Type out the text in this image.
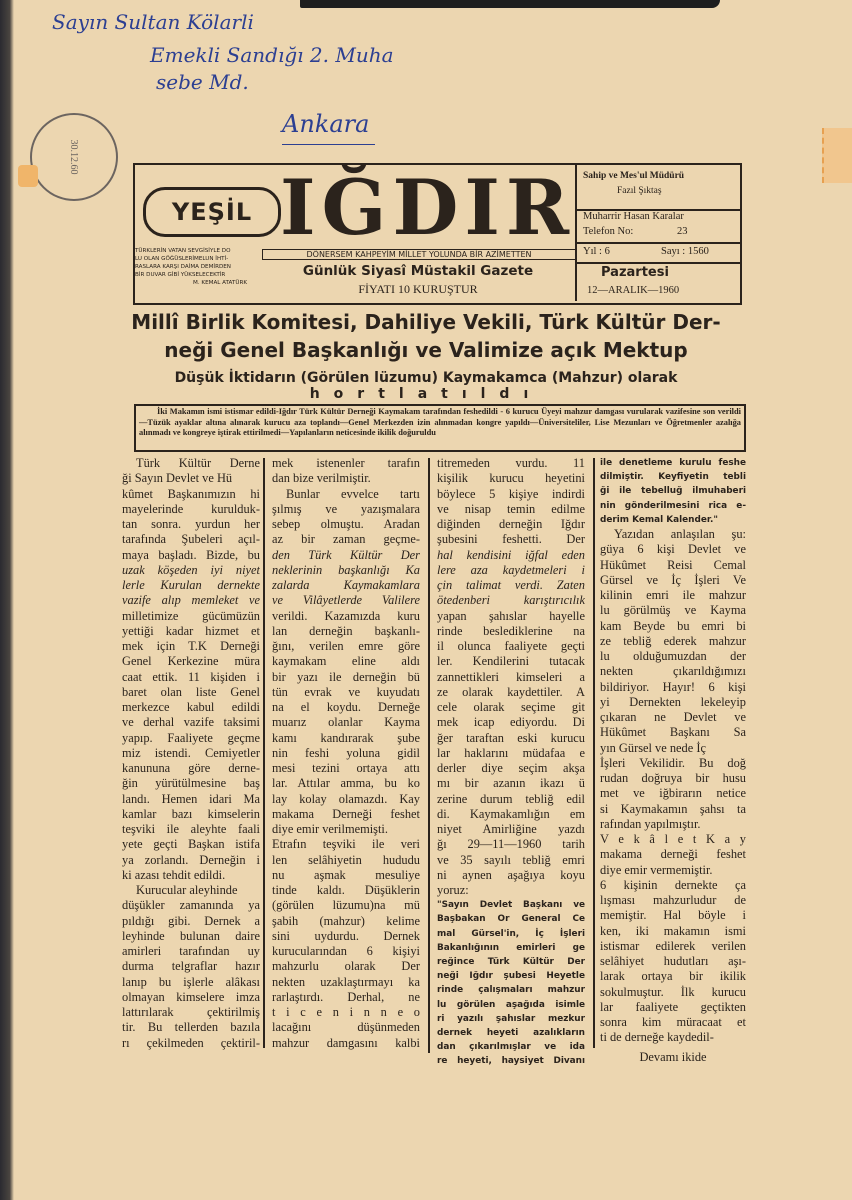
Sayın Sultan Kölarli
Emekli Sandığı 2. Muha
sebe Md.
Ankara
30.12.60
YEŞİL IĞDIR
TÜRKLERİN VATAN SEVGİSİYLE DO
LU OLAN GÖĞÜSLERİMELUN İHTİ-
RASLARA KARŞI DAİMA DEMİRDEN
BİR DUVAR GİBİ YÜKSELECEKTİR
M. KEMAL ATATÜRK
DÖNERSEM KAHPEYİM MİLLET YOLUNDA BİR AZİMETTEN
Günlük Siyasî Müstakil Gazete
FİYATI 10 KURUŞTUR
Sahip ve Mes'ul Müdürü
Fazıl Şıktaş
Muharrir Hasan Karalar
Telefon No:	23
Yıl : 6	Sayı : 1560
Pazartesi
12—ARALIK—1960
Millî Birlik Komitesi, Dahiliye Vekili, Türk Kültür Der-
neği Genel Başkanlığı ve Valimize açık Mektup
Düşük İktidarın (Görülen lüzumu) Kaymakamca (Mahzur) olarak
hortlatıldı
İki Makamın ismi istismar edildi-Iğdır Türk Kültür Derneği Kaymakam tarafından feshedildi - 6 kurucu Üyeyi mahzur damgası vurularak vazifesine son verildi —Tüzük ayaklar altına alınarak kurucu aza toplandı—Genel Merkezden izin alınmadan kongre yapıldı—Üniversiteliler, Lise Mezunları ve Öğretmenler azalığa alınmadı ve kongreye iştirak ettirilmedi—Yapılanların neticesinde ikilik doğuruldu
Türk Kültür Derne
ği Sayın Devlet ve Hü
kûmet Başkanımızın hi
mayelerinde kurulduk-
tan sonra. yurdun her
tarafında Şubeleri açıl-
maya başladı. Bizde, bu
uzak köşeden iyi niyet
lerle Kurulan dernekte
vazife alıp memleket ve
milletimize gücümüzün
yettiği kadar hizmet et
mek için T.K Derneği
Genel Kerkezine müra
caat ettik. 11 kişiden i
baret olan liste Genel
merkezce kabul edildi
ve derhal vazife taksimi
yapıp. Faaliyete geçme
miz istendi. Cemiyetler
kanununa göre derne-
ğin yürütülmesine baş
landı. Hemen idari Ma
kamlar bazı kimselerin
teşviki ile aleyhte faali
yete geçti Başkan istifa
ya zorlandı. Derneğin i
ki azası tehdit edildi.
Kurucular aleyhinde
düşükler zamanında ya
pıldığı gibi. Dernek a
leyhinde bulunan daire
amirleri tarafından uy
durma telgraflar hazır
lanıp bu işlerle alâkası
olmayan kimselere imza
lattırılarak çektirilmiş
tir. Bu tellerden bazıla
rı çekilmeden çektiril-
mek istenenler tarafın
dan bize verilmiştir.
Bunlar evvelce tartı
şılmış ve yazışmalara
sebep olmuştu. Aradan
az bir zaman geçme-
den Türk Kültür Der
neklerinin başkanlığı Ka
zalarda Kaymakamlara
ve Vilâyetlerde Valilere
verildi. Kazamızda kuru
lan derneğin başkanlı-
ğını, verilen emre göre
kaymakam eline aldı
bir yazı ile derneğin bü
tün evrak ve kuyudatı
na el koydu. Derneğe
muarız olanlar Kayma
kamı kandırarak şube
nin feshi yoluna gidil
mesi tezini ortaya attı
lar. Attılar amma, bu ko
lay kolay olamazdı. Kay
makama Derneği feshet
diye emir verilmemişti.
Etrafın teşviki ile veri
len selâhiyetin hududu
nu aşmak mesuliye
tinde kaldı. Düşüklerin
(görülen lüzumu)na mü
şabih (mahzur) kelime
sini uydurdu. Dernek
kurucularından 6 kişiyi
mahzurlu olarak Der
nekten uzaklaştırmayı ka
rarlaştırdı. Derhal, ne
t i c e n i n n e o
lacağını düşünmeden
mahzur damgasını kalbi
titremeden vurdu. 11
kişilik kurucu heyetini
böylece 5 kişiye indirdi
ve nisap temin edilme
diğinden derneğin Iğdır
şubesini feshetti. Der
hal kendisini iğfal eden
lere aza kaydetmeleri i
çin talimat verdi. Zaten
ötedenberi karıştırıcılık
yapan şahıslar hayelle
rinde beslediklerine na
il olunca faaliyete geçti
ler. Kendilerini tutacak
zannettikleri kimseleri a
ze olarak kaydettiler. A
cele olarak seçime git
mek icap ediyordu. Di
ğer taraftan eski kurucu
lar haklarını müdafaa e
derler diye seçim akşa
mı bir azanın ikazı ü
zerine durum tebliğ edil
di. Kaymakamlığın em
niyet Amirliğine yazdı
ğı 29—11—1960 tarih
ve 35 sayılı tebliğ emri
ni aynen aşağıya koyu
yoruz:
"Sayın Devlet Başkanı ve
Başbakan Or General Ce
mal Gürsel'in, İç İşleri
Bakanlığının emirleri ge
reğince Türk Kültür Der
neği Iğdır şubesi Heyetle
rinde çalışmaları mahzur
lu görülen aşağıda isimle
ri yazılı şahıslar mezkur
dernek heyeti azalıkların
dan çıkarılmışlar ve ida
re heyeti, haysiyet Divanı
ile denetleme kurulu feshe
dilmiştir. Keyfiyetin tebli
ği ile tebelluğ ilmuhaberi
nin gönderilmesini rica e-
derim Kemal Kalender."
Yazıdan anlaşılan şu:
güya 6 kişi Devlet ve
Hükûmet Reisi Cemal
Gürsel ve İç İşleri Ve
kilinin emri ile mahzur
lu görülmüş ve Kayma
kam Beyde bu emri bi
ze tebliğ ederek mahzur
lu olduğumuzdan der
nekten çıkarıldığımızı
bildiriyor. Hayır! 6 kişi
yi Dernekten lekeleyip
çıkaran ne Devlet ve
Hükûmet Başkanı Sa
yın Gürsel ve nede İç
İşleri Vekilidir. Bu doğ
rudan doğruya bir husu
met ve iğbirarın netice
si Kaymakamın şahsı ta
rafından yapılmıştır.
V e k â l e t K a y
makama derneği feshet
diye emir vermemiştir.
6 kişinin dernekte ça
lışması mahzurludur de
memiştir. Hal böyle i
ken, iki makamın ismi
istismar edilerek verilen
selâhiyet hudutları aşı-
larak ortaya bir ikilik
sokulmuştur. İlk kurucu
lar faaliyete geçtikten
sonra kim müracaat et
ti de derneğe kaydedil-
Devamı ikide
